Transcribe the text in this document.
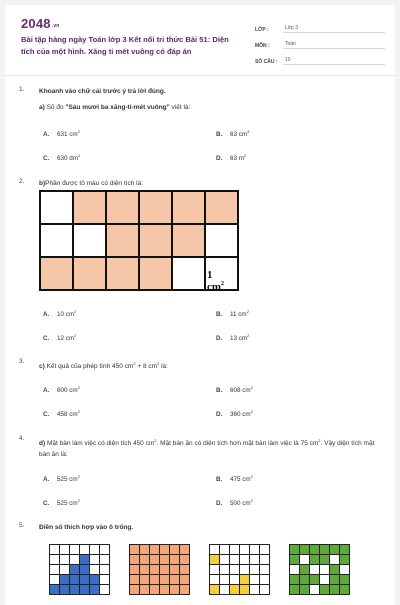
2048.vn
Bài tập hàng ngày Toán lớp 3 Kết nối tri thức Bài 51: Diện tích của một hình. Xăng ti mét vuông có đáp án
LỚP :	Lớp 3
MÔN :	Toán
SỐ CÂU :	10
1. Khoanh vào chữ cái trước ý trả lời đúng.
a) Số đo "Sáu mươi ba xăng-ti-mét vuông" viết là:
A. 631 $cm^2$	B. 63 $cm^3$
C. 630 $dm^2$	D. 63 $m^2$
2. b)Phần được tô màu có diện tích là:
1 $cm^2$
A. 10 $cm^2$	B. 11 $cm^2$
C. 12 $cm^2$	D. 13 $cm^2$
3.
c) Kết quả của phép tính 450 $cm^2 + 8$ $cm^2$ là:
A. 600 $cm^2$	B. 608 $cm^2$
C. 458 $cm^2$	D. 360 $cm^2$
4.
d) Mặt bàn làm việc có diện tích 450 $cm^2$. Mặt bàn ăn có diện tích hơn mặt bàn làm việc là 75 $cm^2$. Vậy diện tích mặt bàn ăn là:
A. 525 $cm^2$	B. 475 $cm^2$
C. 525 $cm^2$	D. 500 $cm^2$
5. Điền số thích hợp vào ô trống.
